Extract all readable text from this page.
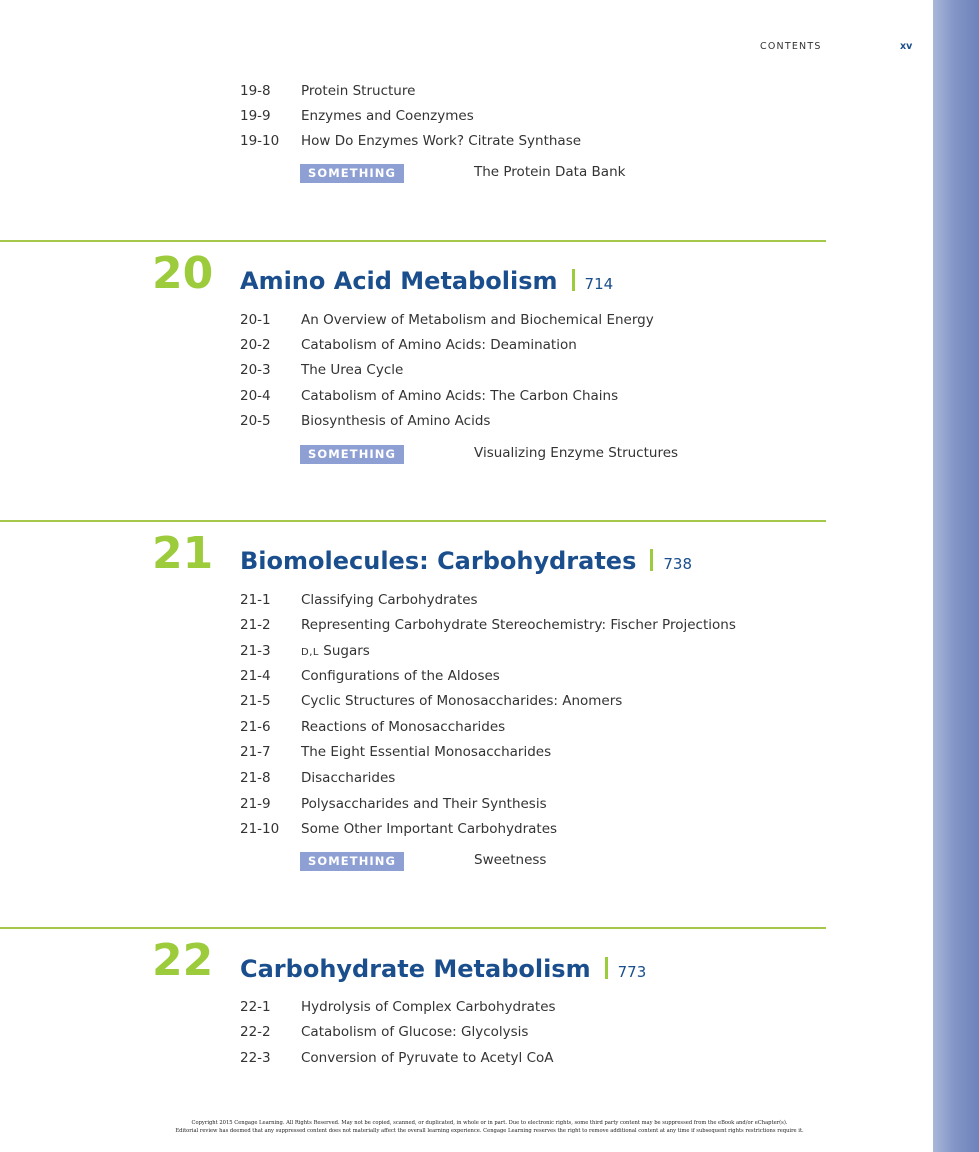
CONTENTS	xv
19-8 Protein Structure
19-9 Enzymes and Coenzymes
19-10 How Do Enzymes Work? Citrate Synthase
SOMETHING EXTRA
The Protein Data Bank
20 Amino Acid Metabolism 714
20-1 An Overview of Metabolism and Biochemical Energy
20-2 Catabolism of Amino Acids: Deamination
20-3 The Urea Cycle
20-4 Catabolism of Amino Acids: The Carbon Chains
20-5 Biosynthesis of Amino Acids
SOMETHING EXTRA
Visualizing Enzyme Structures
21 Biomolecules: Carbohydrates 738
21-1 Classifying Carbohydrates
21-2 Representing Carbohydrate Stereochemistry: Fischer Projections
21-3	D,L Sugars
21-4 Configurations of the Aldoses
21-5 Cyclic Structures of Monosaccharides: Anomers
21-6 Reactions of Monosaccharides
21-7 The Eight Essential Monosaccharides
21-8 Disaccharides
21-9 Polysaccharides and Their Synthesis
21-10 Some Other Important Carbohydrates
SOMETHING EXTRA
Sweetness
22 Carbohydrate Metabolism 773
22-1 Hydrolysis of Complex Carbohydrates
22-2 Catabolism of Glucose: Glycolysis
22-3 Conversion of Pyruvate to Acetyl CoA
Copyright 2015 Cengage Learning. All Rights Reserved. May not be copied, scanned, or duplicated, in whole or in part. Due to electronic rights, some third party content may be suppressed from the eBook and/or eChapter(s).
Editorial review has deemed that any suppressed content does not materially affect the overall learning experience. Cengage Learning reserves the right to remove additional content at any time if subsequent rights restrictions require it.
